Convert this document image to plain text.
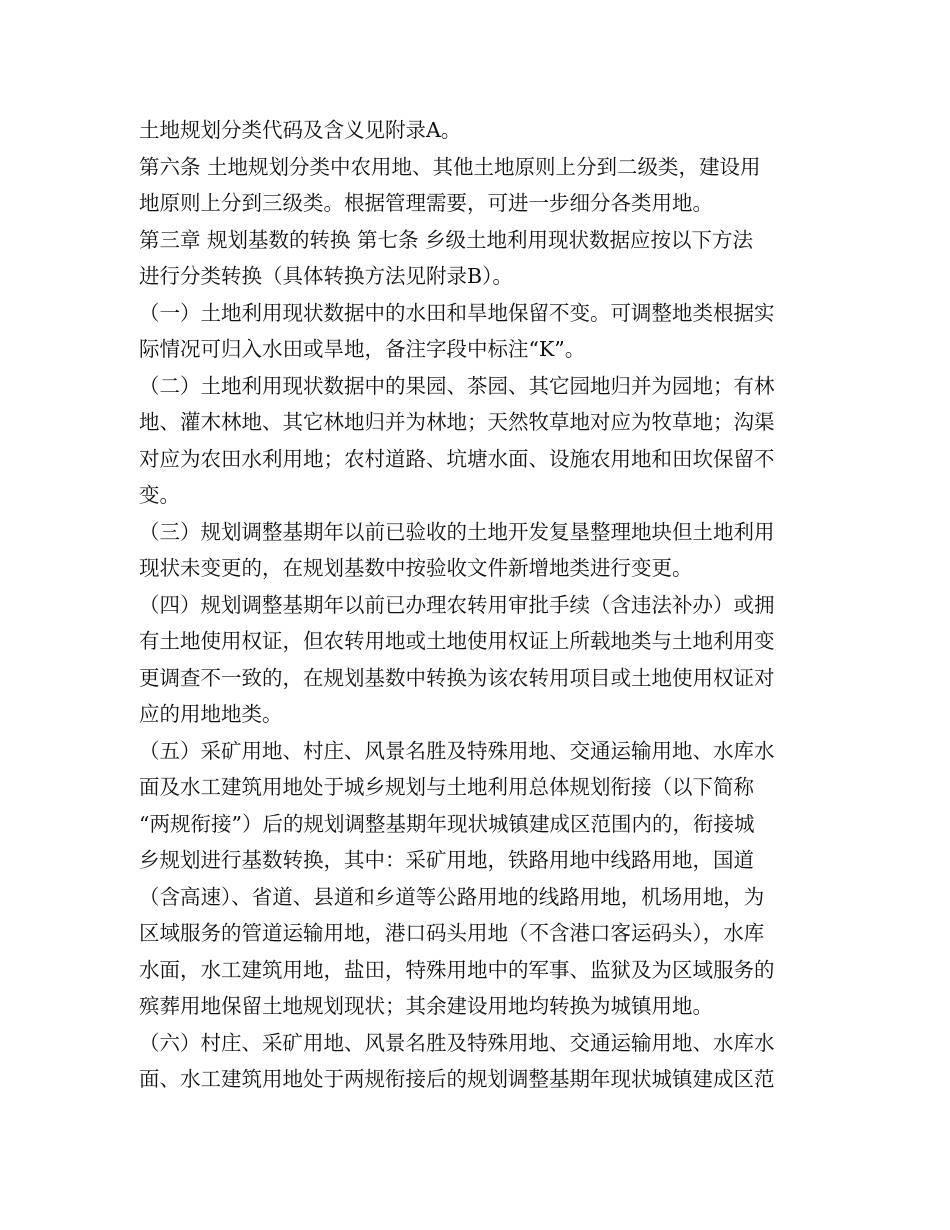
土地规划分类代码及含义见附录A。
第六条 土地规划分类中农用地、其他土地原则上分到二级类，建设用
地原则上分到三级类。根据管理需要，可进一步细分各类用地。
第三章 规划基数的转换 第七条 乡级土地利用现状数据应按以下方法
进行分类转换（具体转换方法见附录B）。
（一）土地利用现状数据中的水田和旱地保留不变。可调整地类根据实
际情况可归入水田或旱地，备注字段中标注“K”。
（二）土地利用现状数据中的果园、茶园、其它园地归并为园地；有林
地、灌木林地、其它林地归并为林地；天然牧草地对应为牧草地；沟渠
对应为农田水利用地；农村道路、坑塘水面、设施农用地和田坎保留不
变。
（三）规划调整基期年以前已验收的土地开发复垦整理地块但土地利用
现状未变更的，在规划基数中按验收文件新增地类进行变更。
（四）规划调整基期年以前已办理农转用审批手续（含违法补办）或拥
有土地使用权证，但农转用地或土地使用权证上所载地类与土地利用变
更调查不一致的，在规划基数中转换为该农转用项目或土地使用权证对
应的用地地类。
（五）采矿用地、村庄、风景名胜及特殊用地、交通运输用地、水库水
面及水工建筑用地处于城乡规划与土地利用总体规划衔接（以下简称
“两规衔接”）后的规划调整基期年现状城镇建成区范围内的，衔接城
乡规划进行基数转换，其中：采矿用地，铁路用地中线路用地，国道
（含高速）、省道、县道和乡道等公路用地的线路用地，机场用地，为
区域服务的管道运输用地，港口码头用地（不含港口客运码头），水库
水面，水工建筑用地，盐田，特殊用地中的军事、监狱及为区域服务的
殡葬用地保留土地规划现状；其余建设用地均转换为城镇用地。
（六）村庄、采矿用地、风景名胜及特殊用地、交通运输用地、水库水
面、水工建筑用地处于两规衔接后的规划调整基期年现状城镇建成区范
